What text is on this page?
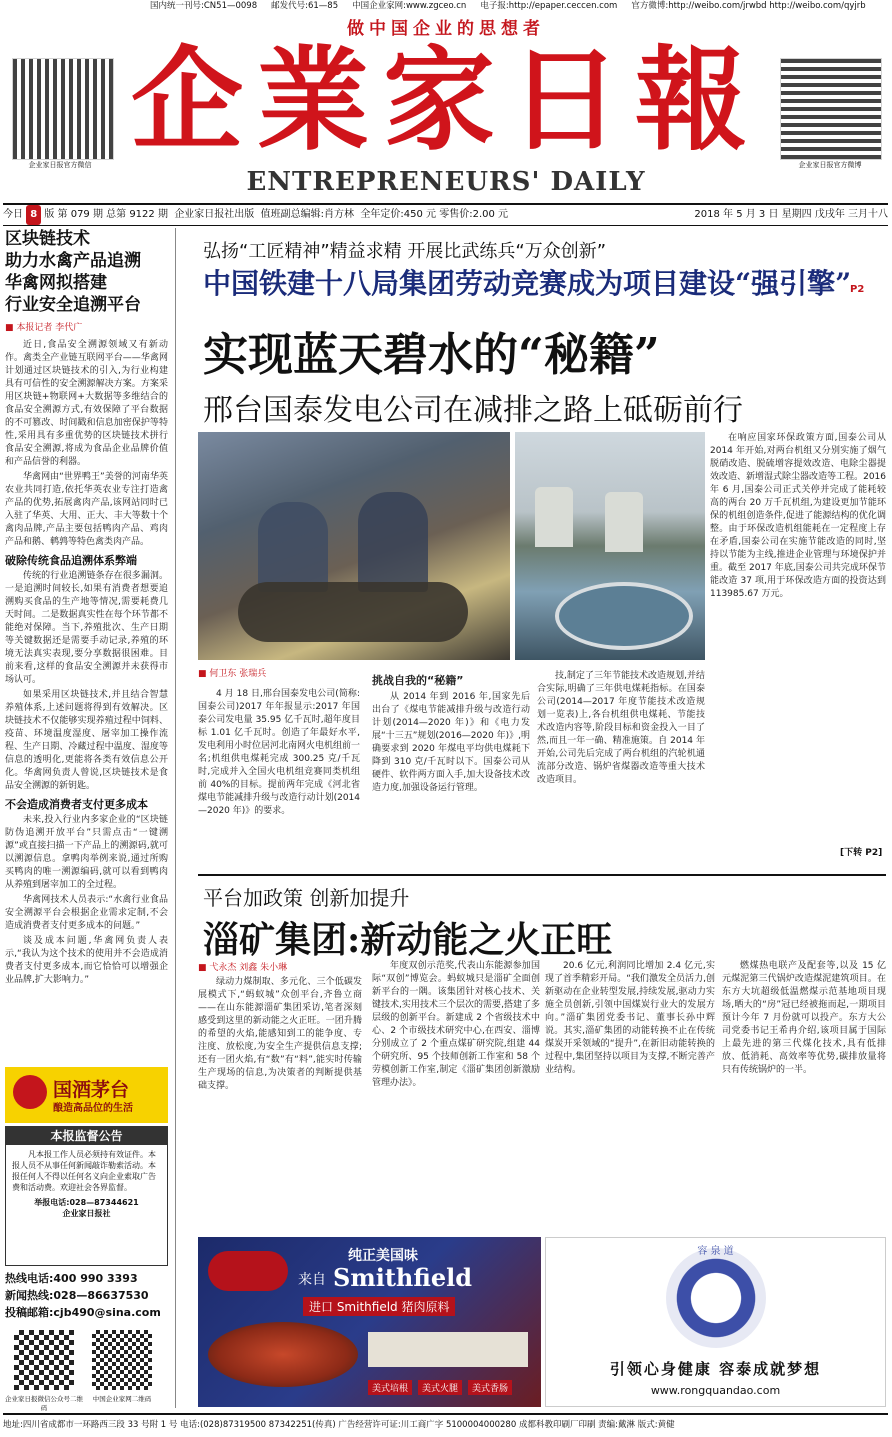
国内统一刊号:CN51—0098 邮发代号:61—85 中国企业家网:www.zgceo.cn 电子报:http://epaper.ceccen.com 官方微博:http://weibo.com/jrwbd http://weibo.com/qyjrb
做中国企业的思想者
企业家日报官方微信	企业家日报官方微博
企業家日報
ENTREPRENEURS' DAILY
今日 8 版 第 079 期 总第 9122 期 企业家日报社出版 值班副总编辑:肖方林 全年定价:450 元 零售价:2.00 元	2018 年 5 月 3 日 星期四 戊戌年 三月十八
区块链技术
助力水禽产品追溯
华禽网拟搭建
行业安全追溯平台
■ 本报记者 李代广

近日,食品安全溯源领域又有新动作。禽类全产业链互联网平台——华禽网计划通过区块链技术的引入,为行业构建具有可信性的安全溯源解决方案。方案采用区块链+物联网+大数据等多维结合的食品安全溯源方式,有效保障了平台数据的不可篡改、时间戳和信息加密保护等特性,采用具有多重优势的区块链技术拼行食品安全溯源,将成为食品企业品牌价值和产品信誉的利器。

华禽网由“世界鸭王”美誉的河南华英农业共同打造,依托华英农业专注打造禽产品的优势,拓展禽肉产品,该网站同时已入驻了华英、大用、正大、丰大等数十个禽肉品牌,产品主要包括鸭肉产品、鸡肉产品和鹅、鹌鹑等特色禽类肉产品。

破除传统食品追溯体系弊端

传统的行业追溯链条存在很多漏洞。一是追溯时间较长,如果有消费者想要追溯购买食品的生产地等情况,需要耗费几天时间。二是数据真实性在每个环节都不能绝对保障。当下,养殖批次、生产日期等关键数据还是需要手动记录,养殖的环境无法真实表现,要分享数据很困难。目前来看,这样的食品安全溯源并未获得市场认可。

如果采用区块链技术,并且结合智慧养殖体系,上述问题将得到有效解决。区块链技术不仅能够实现养殖过程中饲料、疫苗、环境温度湿度、屠宰加工操作流程、生产日期、冷藏过程中温度、湿度等信息的透明化,更能将各类有效信息公开化。华禽网负责人曾说,区块链技术是食品安全溯源的新钥匙。

不会造成消费者支付更多成本

未来,投入行业内多家企业的“区块链防伪追溯开放平台”只需点击“一键溯源”或直接扫描一下产品上的溯源码,就可以溯源信息。拿鸭肉举例来说,通过所购买鸭肉的唯一溯源编码,就可以看到鸭肉从养殖到屠宰加工的全过程。

华禽网技术人员表示:“水禽行业食品安全溯源平台会根据企业需求定制,不会造成消费者支付更多成本的问题。”

谈及成本问题,华禽网负责人表示,“我认为这个技术的使用并不会造成消费者支付更多成本,而它恰恰可以增强企业品牌,扩大影响力。”

国酒茅台
酿造高品位的生活
本报监督公告
凡本报工作人员必须持有效证件。本报人员不从事任何新闻敲诈勒索活动。本报任何人不得以任何名义向企业索取广告费和活动费。欢迎社会各界监督。
举报电话:028—87344621
企业家日报社
热线电话:400 990 3393
新闻热线:028—86637530
投稿邮箱:cjb490@sina.com
企业家日报微信公众号二维码
中国企业家网二维码
弘扬“工匠精神”精益求精 开展比武练兵“万众创新”
中国铁建十八局集团劳动竞赛成为项目建设“强引擎”
P2
实现蓝天碧水的“秘籍”
邢台国泰发电公司在减排之路上砥砺前行
■ 何卫东 张瑞兵

4 月 18 日,邢台国泰发电公司(简称:国泰公司)2017 年年报显示:2017 年国泰公司发电量 35.95 亿千瓦时,超年度目标 1.01 亿千瓦时。创造了年最好水平,发电利用小时位居河北南网火电机组前一名;机组供电煤耗完成 300.25 克/千瓦时,完成并入全国火电机组竞赛同类机组前 40%的目标。提前两年完成《河北省煤电节能减排升级与改造行动计划(2014—2020 年)》的要求。

挑战自我的“秘籍”

从 2014 年到 2016 年,国家先后出台了《煤电节能减排升级与改造行动计划(2014—2020 年)》和《电力发展“十三五”规划(2016—2020 年)》,明确要求到 2020 年煤电平均供电煤耗下降到 310 克/千瓦时以下。国泰公司从硬件、软件两方面入手,加大设备技术改造力度,加强设备运行管理。

技,制定了三年节能技术改造规划,并结合实际,明确了三年供电煤耗指标。在国泰公司(2014—2017 年度节能技术改造规划一览表)上,各台机组供电煤耗、节能技术改造内容等,阶段目标和资金投入一目了然,而且一年一确、精准施策。自 2014 年开始,公司先后完成了两台机组的汽轮机通流部分改造、锅炉省煤器改造等重大技术改造项目。

在响应国家环保政策方面,国泰公司从 2014 年开始,对两台机组又分别实施了烟气脱硝改造、脱硫增容提效改造、电除尘器提效改造、新增湿式除尘器改造等工程。2016 年 6 月,国泰公司正式关停并完成了能耗较高的两台 20 万千瓦机组,为建设更加节能环保的机组创造条件,促进了能源结构的优化调整。由于环保改造机组能耗在一定程度上存在矛盾,国泰公司在实施节能改造的同时,坚持以节能为主线,推进企业管理与环境保护并重。截至 2017 年底,国泰公司共完成环保节能改造 37 项,用于环保改造方面的投资达到 113985.67 万元。

[下转 P2]
平台加政策 创新加提升
淄矿集团:新动能之火正旺
■ 弋永杰 刘鑫 朱小琳

绿动力煤制取、多元化、三个低碳发展模式下,“蚂蚁城”众创平台,齐鲁立商——在山东能源淄矿集团采访,笔者深刻感受到这里的新动能之火正旺。一团升腾的希望的火焰,能感知到工的能争度、专注度、放松度,为安全生产提供信息支撑;还有一团火焰,有“数”有“料”,能实时传输生产现场的信息,为决策者的判断提供基础支撑。

年度双创示范奖,代表山东能源参加国际“双创”博览会。蚂蚁城只是淄矿全面创新平台的一隅。该集团针对核心技术、关键技术,实用技术三个层次的需要,搭建了多层级的创新平台。新建成 2 个省级技术中心、2 个市级技术研究中心,在西安、淄博分别成立了 2 个重点煤矿研究院,组建 44 个研究所、95 个技师创新工作室和 58 个劳模创新工作室,制定《淄矿集团创新激励管理办法》。

20.6 亿元,利润同比增加 2.4 亿元,实现了首季精彩开局。“我们激发全员活力,创新驱动在企业转型发展,持续发展,驱动力实施全员创新,引领中国煤炭行业大的发展方向。”淄矿集团党委书记、董事长孙中辉说。其实,淄矿集团的动能转换不止在传统煤炭开采领域的“提升”,在新旧动能转换的过程中,集团坚持以项目为支撑,不断完善产业结构。

燃煤热电联产及配套等,以及 15 亿元煤泥第三代锅炉改造煤泥建筑项目。在东方大坑超级低温燃煤示范基地项目现场,晒大的“房”冠已经被拖而起,一期项目预计今年 7 月份就可以投产。东方大公司党委书记王希冉介绍,该项目属于国际上最先进的第三代煤化技术,具有低排放、低消耗、高效率等优势,碳排放量将只有传统锅炉的一半。

纯正美国味
来自 Smithfield
进口 Smithfield 猪肉原料
美式培根	美式火腿	美式香肠
容 泉 道
引领心身健康 容泰成就梦想
www.rongquandao.com
地址:四川省成都市一环路西三段 33 号附 1 号 电话:(028)87319500 87342251(传真) 广告经营许可证:川工商广字 5100004000280 成都科教印刷厂印刷 责编:戴淋 版式:黄健
